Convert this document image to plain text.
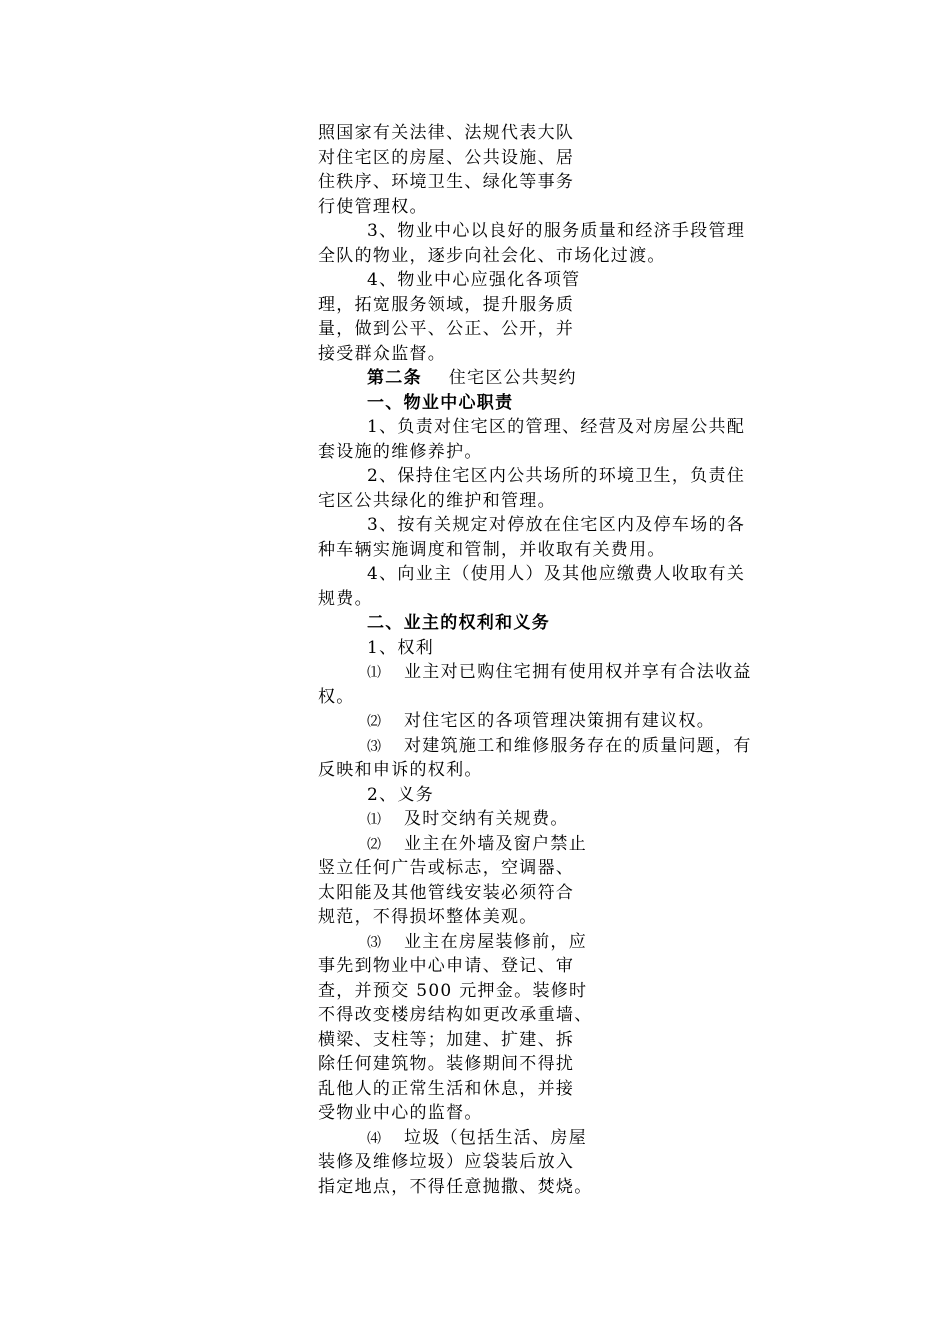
照国家有关法律、法规代表大队
对住宅区的房屋、公共设施、居
住秩序、环境卫生、绿化等事务
行使管理权。
3、物业中心以良好的服务质量和经济手段管理
全队的物业，逐步向社会化、市场化过渡。
4、物业中心应强化各项管
理，拓宽服务领域，提升服务质
量，做到公平、公正、公开，并
接受群众监督。
第二条 住宅区公共契约
一、物业中心职责
1、负责对住宅区的管理、经营及对房屋公共配
套设施的维修养护。
2、保持住宅区内公共场所的环境卫生，负责住
宅区公共绿化的维护和管理。
3、按有关规定对停放在住宅区内及停车场的各
种车辆实施调度和管制，并收取有关费用。
4、向业主（使用人）及其他应缴费人收取有关
规费。
二、业主的权利和义务
1、权利
⑴ 业主对已购住宅拥有使用权并享有合法收益
权。
⑵ 对住宅区的各项管理决策拥有建议权。
⑶ 对建筑施工和维修服务存在的质量问题，有
反映和申诉的权利。
2、义务
⑴ 及时交纳有关规费。
⑵ 业主在外墙及窗户禁止
竖立任何广告或标志，空调器、
太阳能及其他管线安装必须符合
规范，不得损坏整体美观。
⑶ 业主在房屋装修前，应
事先到物业中心申请、登记、审
查，并预交 500 元押金。装修时
不得改变楼房结构如更改承重墙、
横梁、支柱等；加建、扩建、拆
除任何建筑物。装修期间不得扰
乱他人的正常生活和休息，并接
受物业中心的监督。
⑷ 垃圾（包括生活、房屋
装修及维修垃圾）应袋装后放入
指定地点，不得任意抛撒、焚烧。
